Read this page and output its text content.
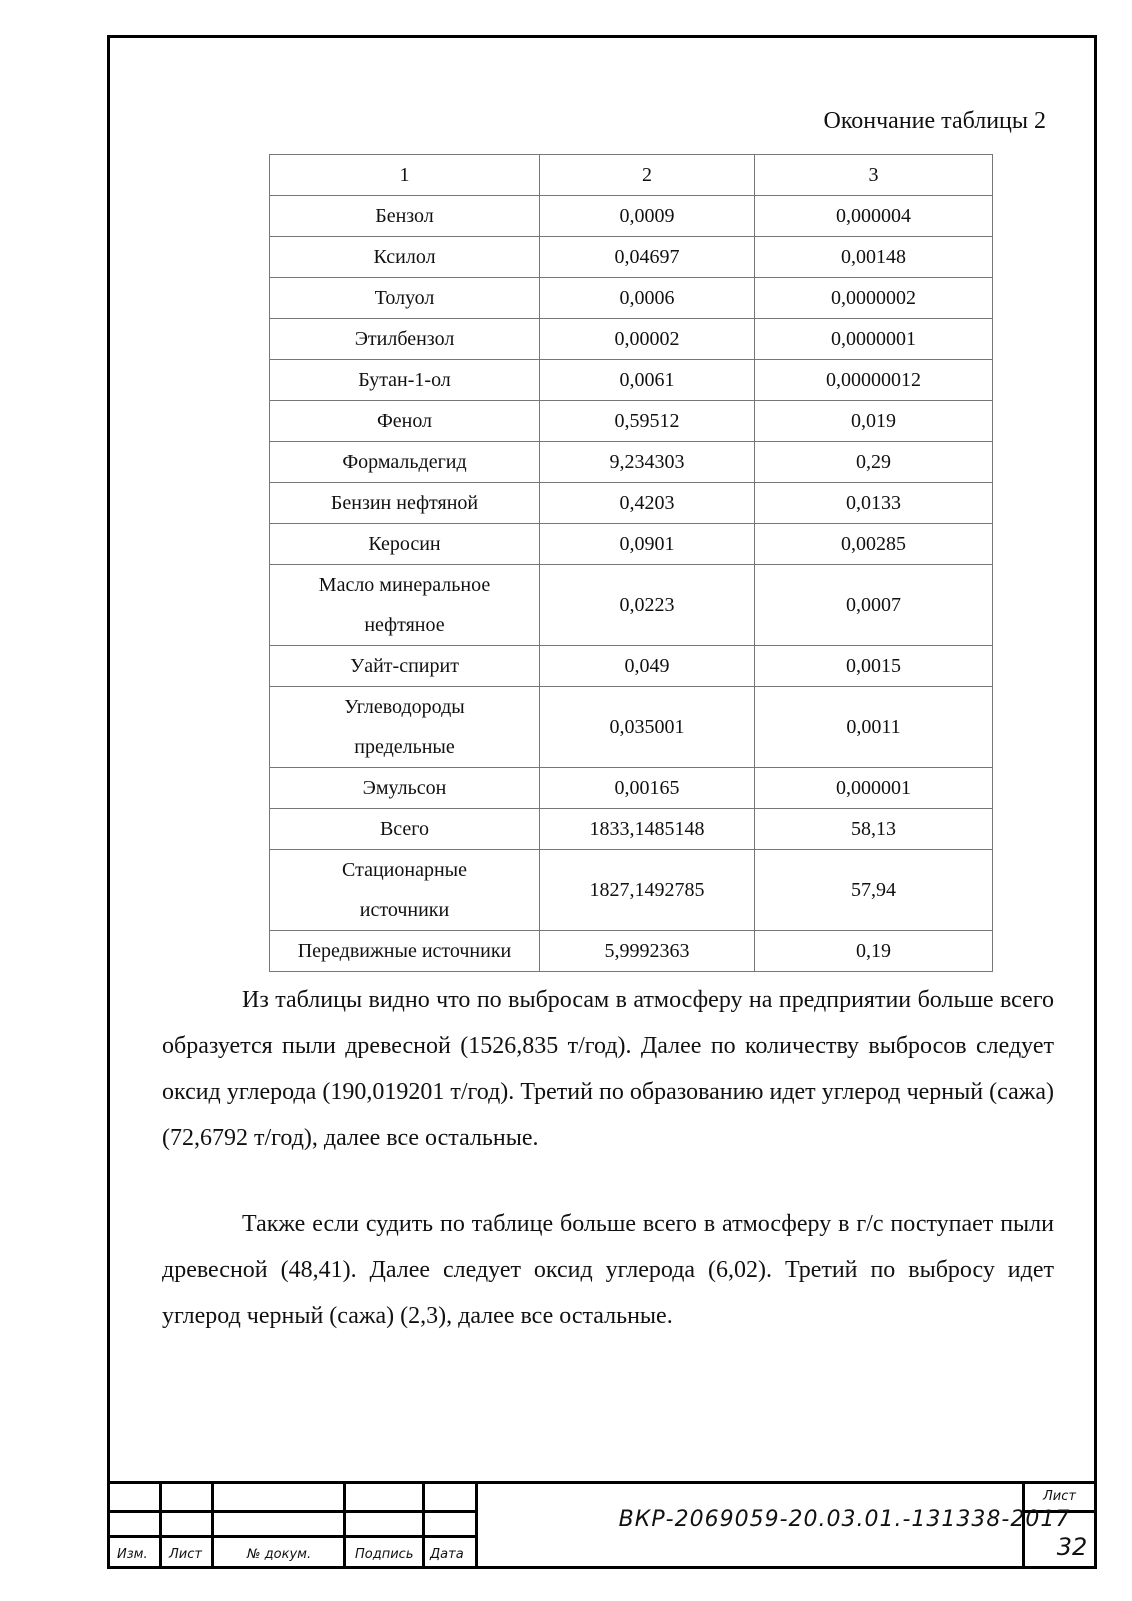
Окончание таблицы 2
1	2	3
Бензол	0,0009	0,000004
Ксилол	0,04697	0,00148
Толуол	0,0006	0,0000002
Этилбензол	0,00002	0,0000001
Бутан-1-ол	0,0061	0,00000012
Фенол	0,59512	0,019
Формальдегид	9,234303	0,29
Бензин нефтяной	0,4203	0,0133
Керосин	0,0901	0,00285
Масло минеральное
нефтяное	0,0223	0,0007
Уайт-спирит	0,049	0,0015
Углеводороды
предельные	0,035001	0,0011
Эмульсон	0,00165	0,000001
Всего	1833,1485148	58,13
Стационарные
источники	1827,1492785	57,94
Передвижные источники	5,9992363	0,19

Из таблицы видно что по выбросам в атмосферу на предприятии больше всего образуется пыли древесной (1526,835 т/год). Далее по количеству выбросов следует оксид углерода (190,019201 т/год). Третий по образованию идет углерод черный (сажа) (72,6792 т/год), далее все остальные.

Также если судить по таблице больше всего в атмосферу в г/с поступает пыли древесной (48,41). Далее следует оксид углерода (6,02). Третий по выбросу идет углерод черный (сажа) (2,3), далее все остальные.

Изм. Лист	№ докум.	Подпись Дата
Лист
ВКР-2069059-20.03.01.-131338-2017
32
